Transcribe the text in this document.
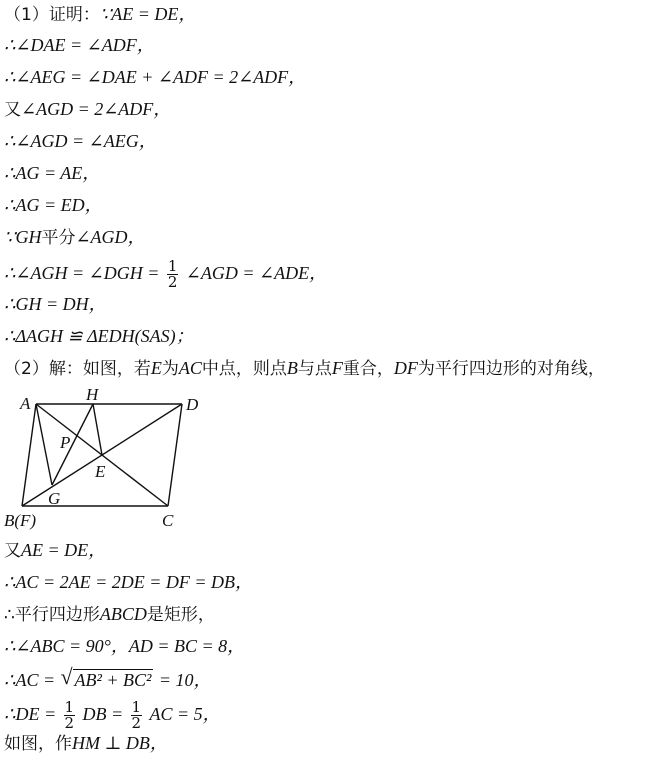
（1）证明：∵AE = DE，
∴∠DAE = ∠ADF，
∴∠AEG = ∠DAE + ∠ADF = 2∠ADF，
又∠AGD = 2∠ADF，
∴∠AGD = ∠AEG，
∴AG = AE，
∴AG = ED，
∵GH平分∠AGD，
∴∠AGH = ∠DGH = $\frac{1}{2}$ ∠AGD = ∠ADE，
∴GH = DH，
∴ΔAGH ≌ ΔEDH(SAS)；
（2）解：如图，若E为AC中点，则点B与点F重合，DF为平行四边形的对角线，
A	H
D
P
E
G
B(F)	C
又AE = DE，
∴AC = 2AE = 2DE = DF = DB，
∴平行四边形ABCD是矩形，
∴∠ABC = 90°，AD = BC = 8，
∴AC = √ AB² + BC² = 10，
∴DE = $\frac{1}{2}$ DB = $\frac{1}{2}$ AC = 5，
如图，作HM ⊥ DB，
